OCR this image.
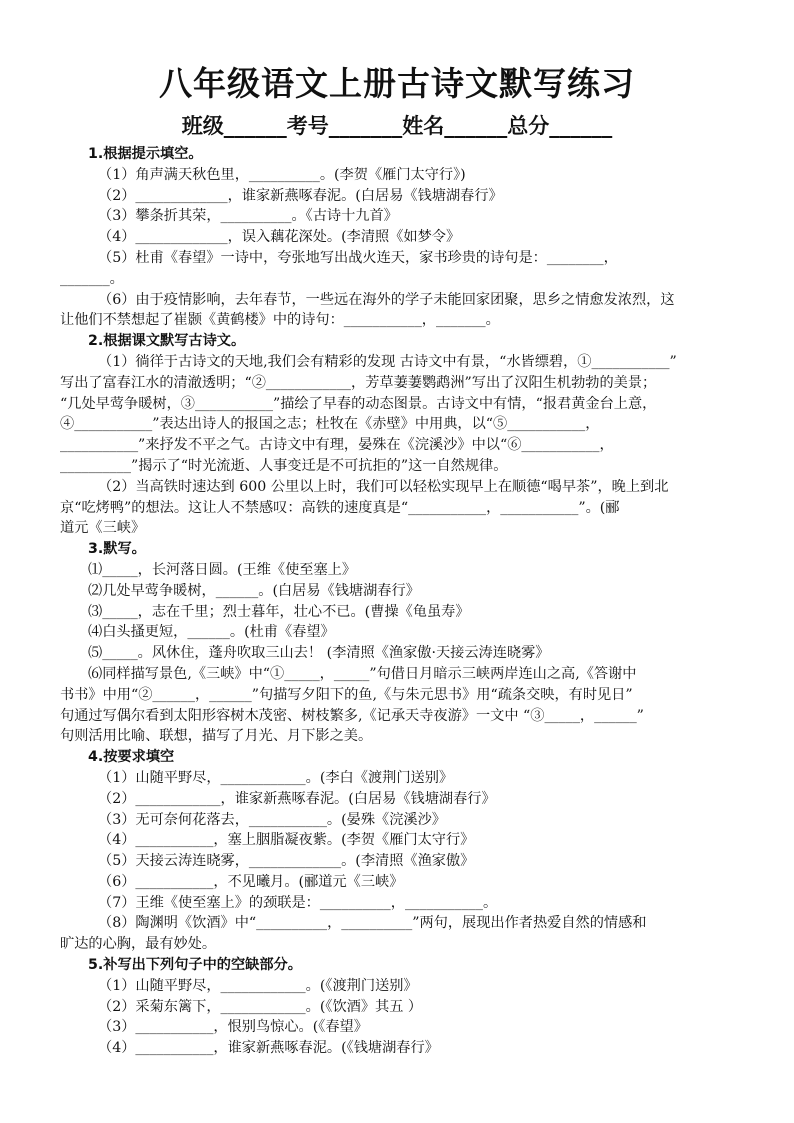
八年级语文上册古诗文默写练习
班级______考号_______姓名______总分______
1.根据提示填空。
（1）角声满天秋色里，__________。(李贺《雁门太守行》)
（2）_____________，谁家新燕啄春泥。(白居易《钱塘湖春行》
（3）攀条折其荣，__________。《古诗十九首》
（4）_____________，误入藕花深处。(李清照《如梦令》
（5）杜甫《春望》一诗中，夸张地写出战火连天，家书珍贵的诗句是：________，
_______。
（6）由于疫情影响，去年春节，一些远在海外的学子未能回家团聚，思乡之情愈发浓烈，这
让他们不禁想起了崔颢《黄鹤楼》中的诗句：___________，_______。
2.根据课文默写古诗文。
（1）徜徉于古诗文的天地,我们会有精彩的发现 古诗文中有景，“水皆缥碧，①___________”
写出了富春江水的清澈透明；“②____________，芳草萋萋鹦鹉洲”写出了汉阳生机勃勃的美景；
“几处早莺争暖树，③___________”描绘了早春的动态图景。古诗文中有情，“报君黄金台上意，
④___________”表达出诗人的报国之志；杜牧在《赤壁》中用典，以“⑤___________，
___________”来抒发不平之气。古诗文中有理，晏殊在《浣溪沙》中以“⑥___________，
__________”揭示了“时光流逝、人事变迁是不可抗拒的”这一自然规律。
（2）当高铁时速达到 600 公里以上时，我们可以轻松实现早上在顺德“喝早茶”，晚上到北
京“吃烤鸭”的想法。这让人不禁感叹：高铁的速度真是“___________，___________”。(郦
道元《三峡》
3.默写。
⑴_____，长河落日圆。(王维《使至塞上》
⑵几处早莺争暖树，______。(白居易《钱塘湖春行》
⑶_____，志在千里；烈士暮年，壮心不已。(曹操《龟虽寿》
⑷白头搔更短，______。(杜甫《春望》
⑸_____。风休住，蓬舟吹取三山去！ (李清照《渔家傲·天接云涛连晓雾》
⑹同样描写景色,《三峡》中“①_____，_____”句借日月暗示三峡两岸连山之高,《答谢中
书书》中用“②______，______”句描写夕阳下的鱼,《与朱元思书》用“疏条交映，有时见日”
句通过写偶尔看到太阳形容树木茂密、树枝繁多,《记承天寺夜游》一文中 “③_____，______”
句则活用比喻、联想，描写了月光、月下影之美。
4.按要求填空
（1）山随平野尽，____________。(李白《渡荆门送别》
（2）____________，谁家新燕啄春泥。(白居易《钱塘湖春行》
（3）无可奈何花落去，___________。(晏殊《浣溪沙》
（4）___________，塞上胭脂凝夜紫。(李贺《雁门太守行》
（5）天接云涛连晓雾，_____________。(李清照《渔家傲》
（6）___________，不见曦月。(郦道元《三峡》
（7）王维《使至塞上》的颈联是：__________，___________。
（8）陶渊明《饮酒》中“__________，__________”两句，展现出作者热爱自然的情感和
旷达的心胸，最有妙处。
5.补写出下列句子中的空缺部分。
（1）山随平野尽，____________。(《渡荆门送别》
（2）采菊东篱下，____________。(《饮酒》其五 ）
（3）___________，恨别鸟惊心。(《春望》
（4）___________，谁家新燕啄春泥。(《钱塘湖春行》
